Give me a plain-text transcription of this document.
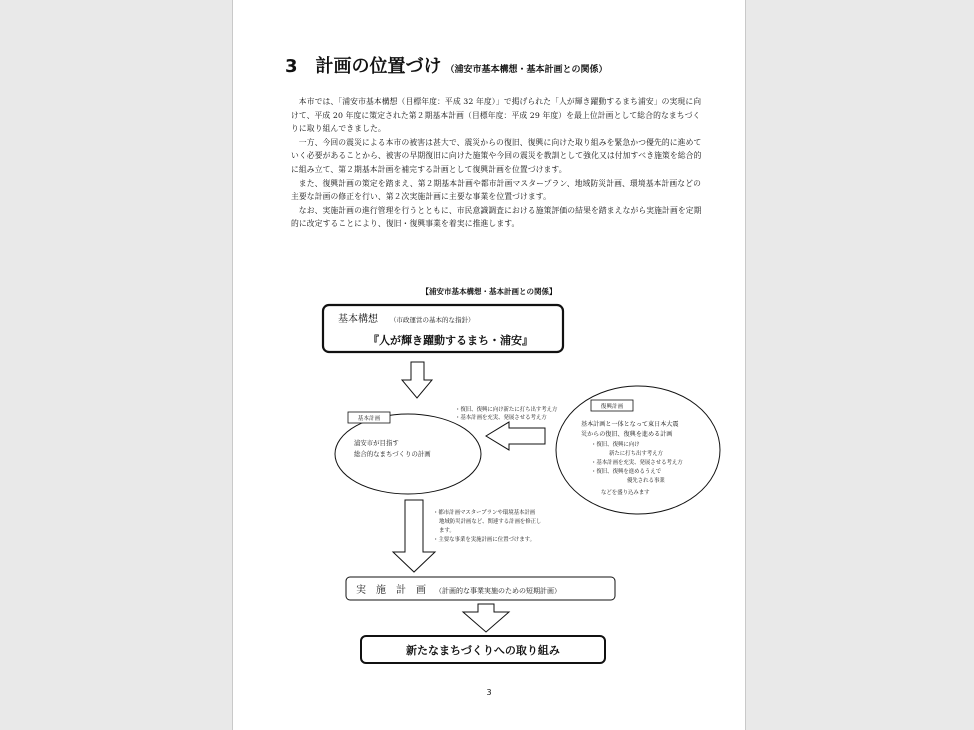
3 計画の位置づけ （浦安市基本構想・基本計画との関係）

本市では、「浦安市基本構想（目標年度：平成 32 年度）」で掲げられた「人が輝き躍動するまち浦安」の実現に向けて、平成 20 年度に策定された第２期基本計画（目標年度：平成 29 年度）を最上位計画として総合的なまちづくりに取り組んできました。

一方、今回の震災による本市の被害は甚大で、震災からの復旧、復興に向けた取り組みを緊急かつ優先的に進めていく必要があることから、被害の早期復旧に向けた施策や今回の震災を教訓として強化又は付加すべき施策を総合的に組み立て、第２期基本計画を補完する計画として復興計画を位置づけます。

また、復興計画の策定を踏まえ、第２期基本計画や都市計画マスタープラン、地域防災計画、環境基本計画などの主要な計画の修正を行い、第２次実施計画に主要な事業を位置づけます。

なお、実施計画の進行管理を行うとともに、市民意識調査における施策評価の結果を踏まえながら実施計画を定期的に改定することにより、復旧・復興事業を着実に推進します。

【浦安市基本構想・基本計画との関係】
基本構想 （市政運営の基本的な指針）
『人が輝き躍動するまち・浦安』
・復旧、復興に向け新たに打ち出す考え方
・基本計画を充実、発展させる考え方
基本計画
浦安市が目指す
総合的なまちづくりの計画
復興計画
基本計画と一体となって東日本大震
災からの復旧、復興を進める計画
・復旧、復興に向け
新たに打ち出す考え方
・基本計画を充実、発展させる考え方
・復旧、復興を進めるうえで
優先される事業
などを盛り込みます
・都市計画マスタープランや環境基本計画
地域防災計画など、関連する計画を修正し
ます。
・主要な事業を実施計画に位置づけます。
実　施　計　画 （計画的な事業実施のための短期計画）
新たなまちづくりへの取り組み
3
